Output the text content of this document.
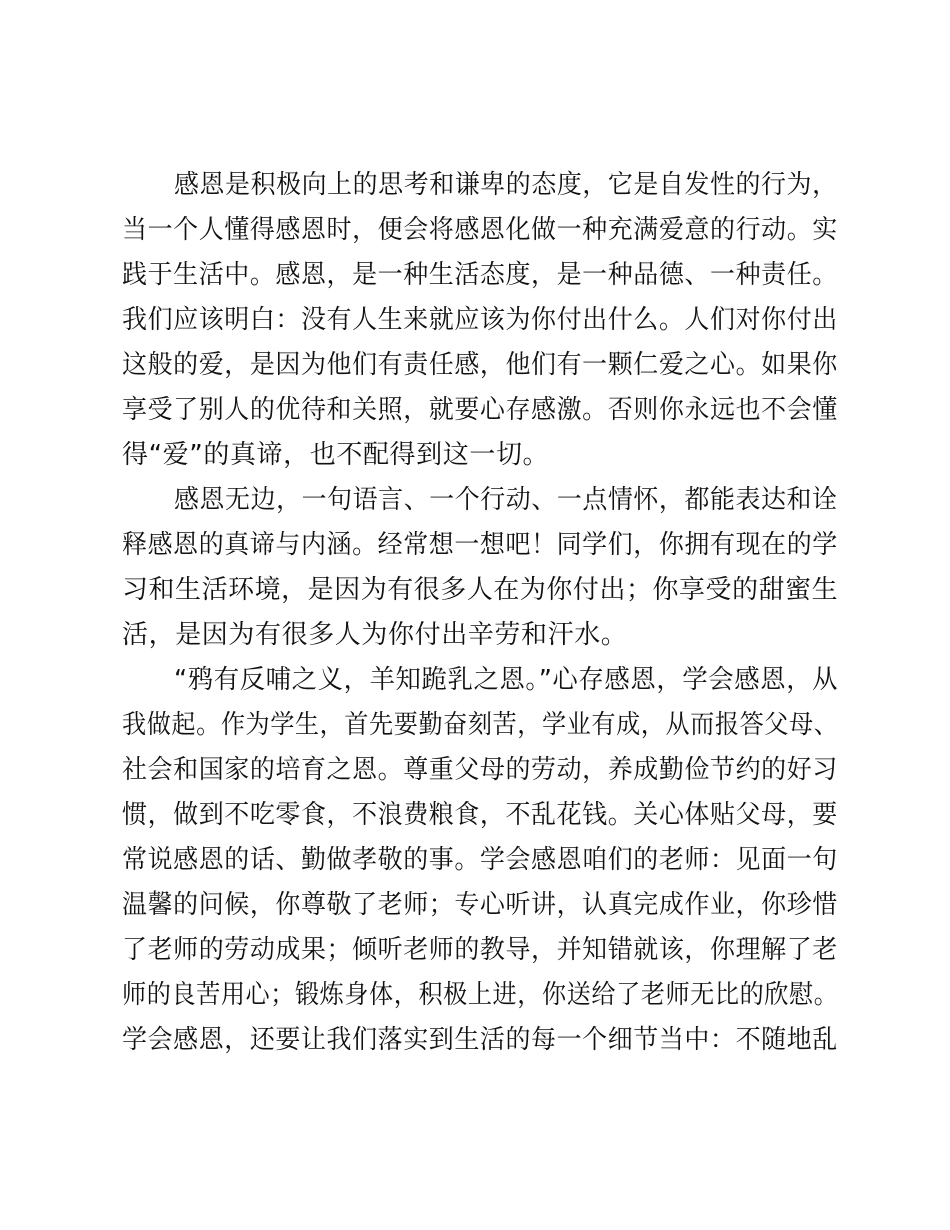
感恩是积极向上的思考和谦卑的态度，它是自发性的行为，
当一个人懂得感恩时，便会将感恩化做一种充满爱意的行动。实
践于生活中。感恩，是一种生活态度，是一种品德、一种责任。
我们应该明白：没有人生来就应该为你付出什么。人们对你付出
这般的爱，是因为他们有责任感，他们有一颗仁爱之心。如果你
享受了别人的优待和关照，就要心存感激。否则你永远也不会懂
得“爱”的真谛，也不配得到这一切。
感恩无边，一句语言、一个行动、一点情怀，都能表达和诠
释感恩的真谛与内涵。经常想一想吧！同学们，你拥有现在的学
习和生活环境，是因为有很多人在为你付出；你享受的甜蜜生
活，是因为有很多人为你付出辛劳和汗水。
“鸦有反哺之义，羊知跪乳之恩。”心存感恩，学会感恩，从
我做起。作为学生，首先要勤奋刻苦，学业有成，从而报答父母、
社会和国家的培育之恩。尊重父母的劳动，养成勤俭节约的好习
惯，做到不吃零食，不浪费粮食，不乱花钱。关心体贴父母，要
常说感恩的话、勤做孝敬的事。学会感恩咱们的老师：见面一句
温馨的问候，你尊敬了老师；专心听讲，认真完成作业，你珍惜
了老师的劳动成果；倾听老师的教导，并知错就该，你理解了老
师的良苦用心；锻炼身体，积极上进，你送给了老师无比的欣慰。
学会感恩，还要让我们落实到生活的每一个细节当中：不随地乱
